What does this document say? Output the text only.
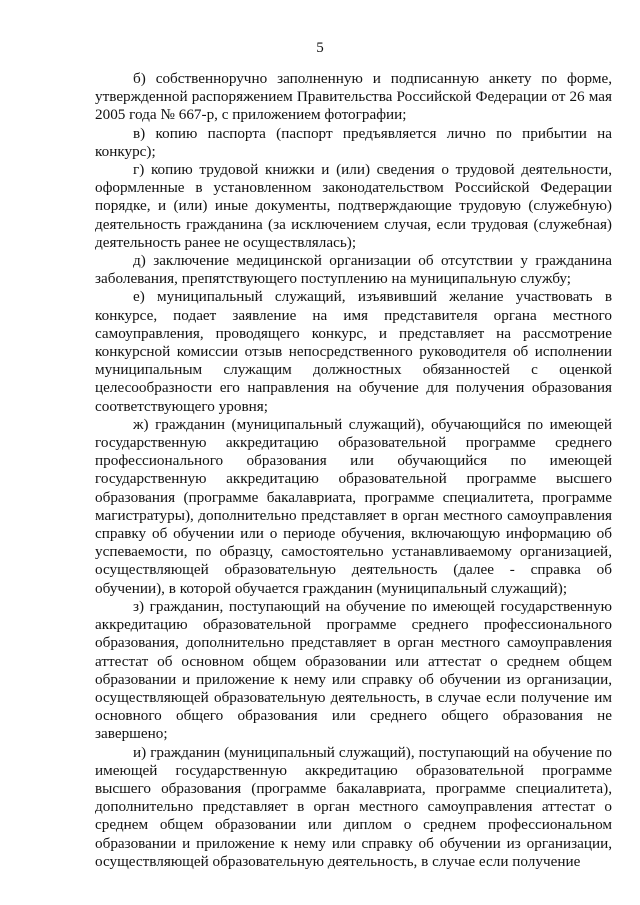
5

б) собственноручно заполненную и подписанную анкету по форме, утвержденной распоряжением Правительства Российской Федерации от 26 мая 2005 года № 667-р, с приложением фотографии;

в) копию паспорта (паспорт предъявляется лично по прибытии на конкурс);

г) копию трудовой книжки и (или) сведения о трудовой деятельности, оформленные в установленном законодательством Российской Федерации порядке, и (или) иные документы, подтверждающие трудовую (служебную) деятельность гражданина (за исключением случая, если трудовая (служебная) деятельность ранее не осуществлялась);

д) заключение медицинской организации об отсутствии у гражданина заболевания, препятствующего поступлению на муниципальную службу;

е) муниципальный служащий, изъявивший желание участвовать в конкурсе, подает заявление на имя представителя органа местного самоуправления, проводящего конкурс, и представляет на рассмотрение конкурсной комиссии отзыв непосредственного руководителя об исполнении муниципальным служащим должностных обязанностей с оценкой целесообразности его направления на обучение для получения образования соответствующего уровня;

ж) гражданин (муниципальный служащий), обучающийся по имеющей государственную аккредитацию образовательной программе среднего профессионального образования или обучающийся по имеющей государственную аккредитацию образовательной программе высшего образования (программе бакалавриата, программе специалитета, программе магистратуры), дополнительно представляет в орган местного самоуправления справку об обучении или о периоде обучения, включающую информацию об успеваемости, по образцу, самостоятельно устанавливаемому организацией, осуществляющей образовательную деятельность (далее - справка об обучении), в которой обучается гражданин (муниципальный служащий);

з) гражданин, поступающий на обучение по имеющей государственную аккредитацию образовательной программе среднего профессионального образования, дополнительно представляет в орган местного самоуправления аттестат об основном общем образовании или аттестат о среднем общем образовании и приложение к нему или справку об обучении из организации, осуществляющей образовательную деятельность, в случае если получение им основного общего образования или среднего общего образования не завершено;

и) гражданин (муниципальный служащий), поступающий на обучение по имеющей государственную аккредитацию образовательной программе высшего образования (программе бакалавриата, программе специалитета), дополнительно представляет в орган местного самоуправления аттестат о среднем общем образовании или диплом о среднем профессиональном образовании и приложение к нему или справку об обучении из организации, осуществляющей образовательную деятельность, в случае если получение
